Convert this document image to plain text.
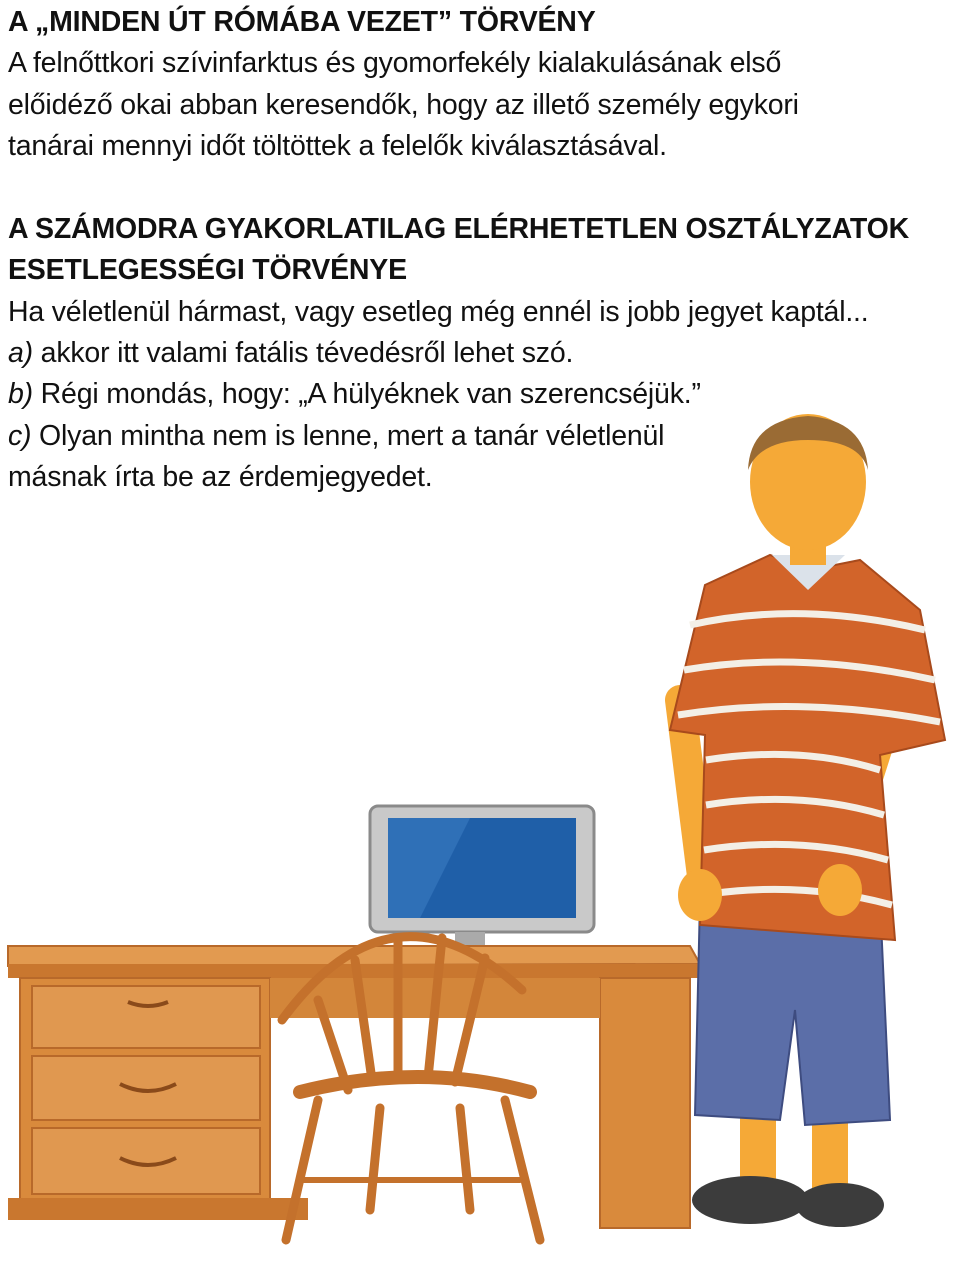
A „MINDEN ÚT RÓMÁBA VEZET” TÖRVÉNY
A felnőttkori szívinfarktus és gyomorfekély kialakulásának első
előidéző okai abban keresendők, hogy az illető személy egykori
tanárai mennyi időt töltöttek a felelők kiválasztásával.
A SZÁMODRA GYAKORLATILAG ELÉRHETETLEN OSZTÁLYZATOK
ESETLEGESSÉGI TÖRVÉNYE
Ha véletlenül hármast, vagy esetleg még ennél is jobb jegyet kaptál...
a) akkor itt valami fatális tévedésről lehet szó.
b) Régi mondás, hogy: „A hülyéknek van szerencséjük.”
c) Olyan mintha nem is lenne, mert a tanár véletlenül
másnak írta be az érdemjegyedet.
